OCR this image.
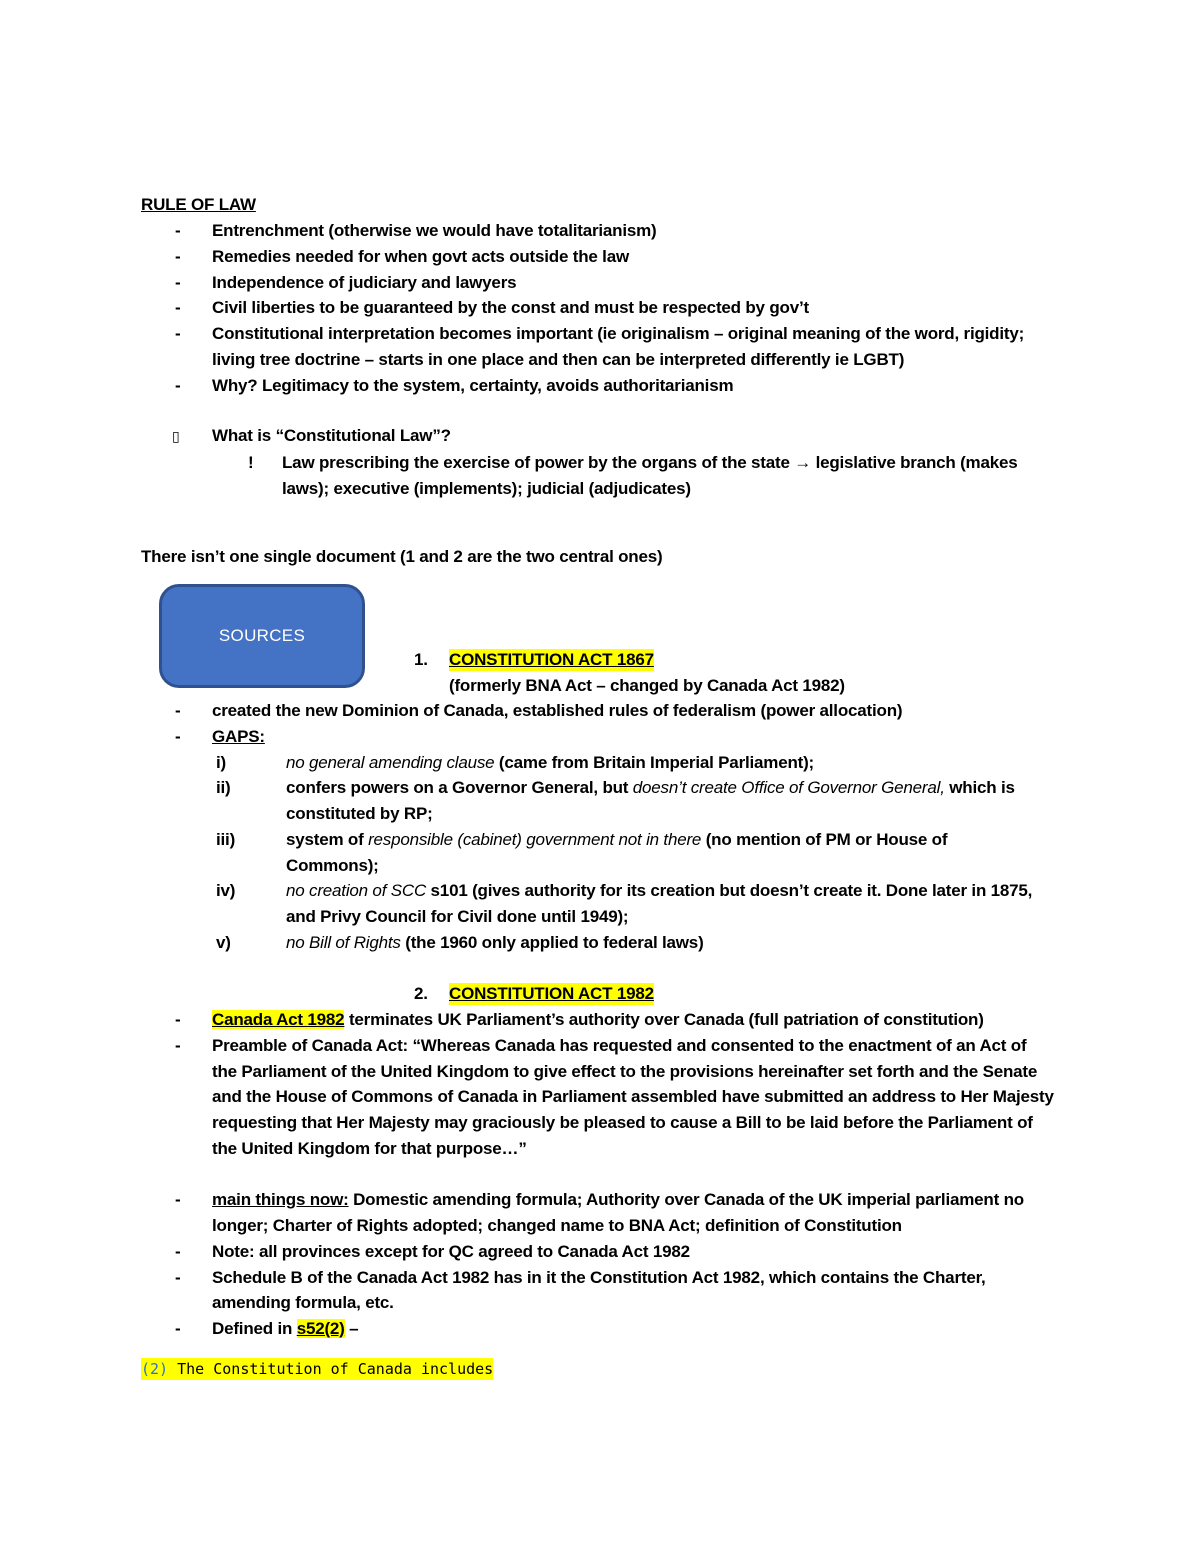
RULE OF LAW
-	Entrenchment (otherwise we would have totalitarianism)
-	Remedies needed for when govt acts outside the law
-	Independence of judiciary and lawyers
-	Civil liberties to be guaranteed by the const and must be respected by gov’t
-	Constitutional interpretation becomes important (ie originalism – original meaning of the word, rigidity;
living tree doctrine – starts in one place and then can be interpreted differently ie LGBT)
-	Why? Legitimacy to the system, certainty, avoids authoritarianism
▯ What is “Constitutional Law”?
! Law prescribing the exercise of power by the organs of the state → legislative branch (makes
laws); executive (implements); judicial (adjudicates)
There isn’t one single document (1 and 2 are the two central ones)
SOURCES
1. CONSTITUTION ACT 1867
(formerly BNA Act – changed by Canada Act 1982)
-	created the new Dominion of Canada, established rules of federalism (power allocation)
-	GAPS:
i)	no general amending clause (came from Britain Imperial Parliament);
ii)	confers powers on a Governor General, but doesn’t create Office of Governor General, which is
constituted by RP;
iii)	system of responsible (cabinet) government not in there (no mention of PM or House of
Commons);
iv)	no creation of SCC s101 (gives authority for its creation but doesn’t create it. Done later in 1875,
and Privy Council for Civil done until 1949);
v)	no Bill of Rights (the 1960 only applied to federal laws)
2. CONSTITUTION ACT 1982
-	Canada Act 1982 terminates UK Parliament’s authority over Canada (full patriation of constitution)
-	Preamble of Canada Act: “Whereas Canada has requested and consented to the enactment of an Act of
the Parliament of the United Kingdom to give effect to the provisions hereinafter set forth and the Senate
and the House of Commons of Canada in Parliament assembled have submitted an address to Her Majesty
requesting that Her Majesty may graciously be pleased to cause a Bill to be laid before the Parliament of
the United Kingdom for that purpose…”
-	main things now: Domestic amending formula; Authority over Canada of the UK imperial parliament no
longer; Charter of Rights adopted; changed name to BNA Act; definition of Constitution
-	Note: all provinces except for QC agreed to Canada Act 1982
-	Schedule B of the Canada Act 1982 has in it the Constitution Act 1982, which contains the Charter,
amending formula, etc.
-	Defined in s52(2) –
(2) The Constitution of Canada includes
